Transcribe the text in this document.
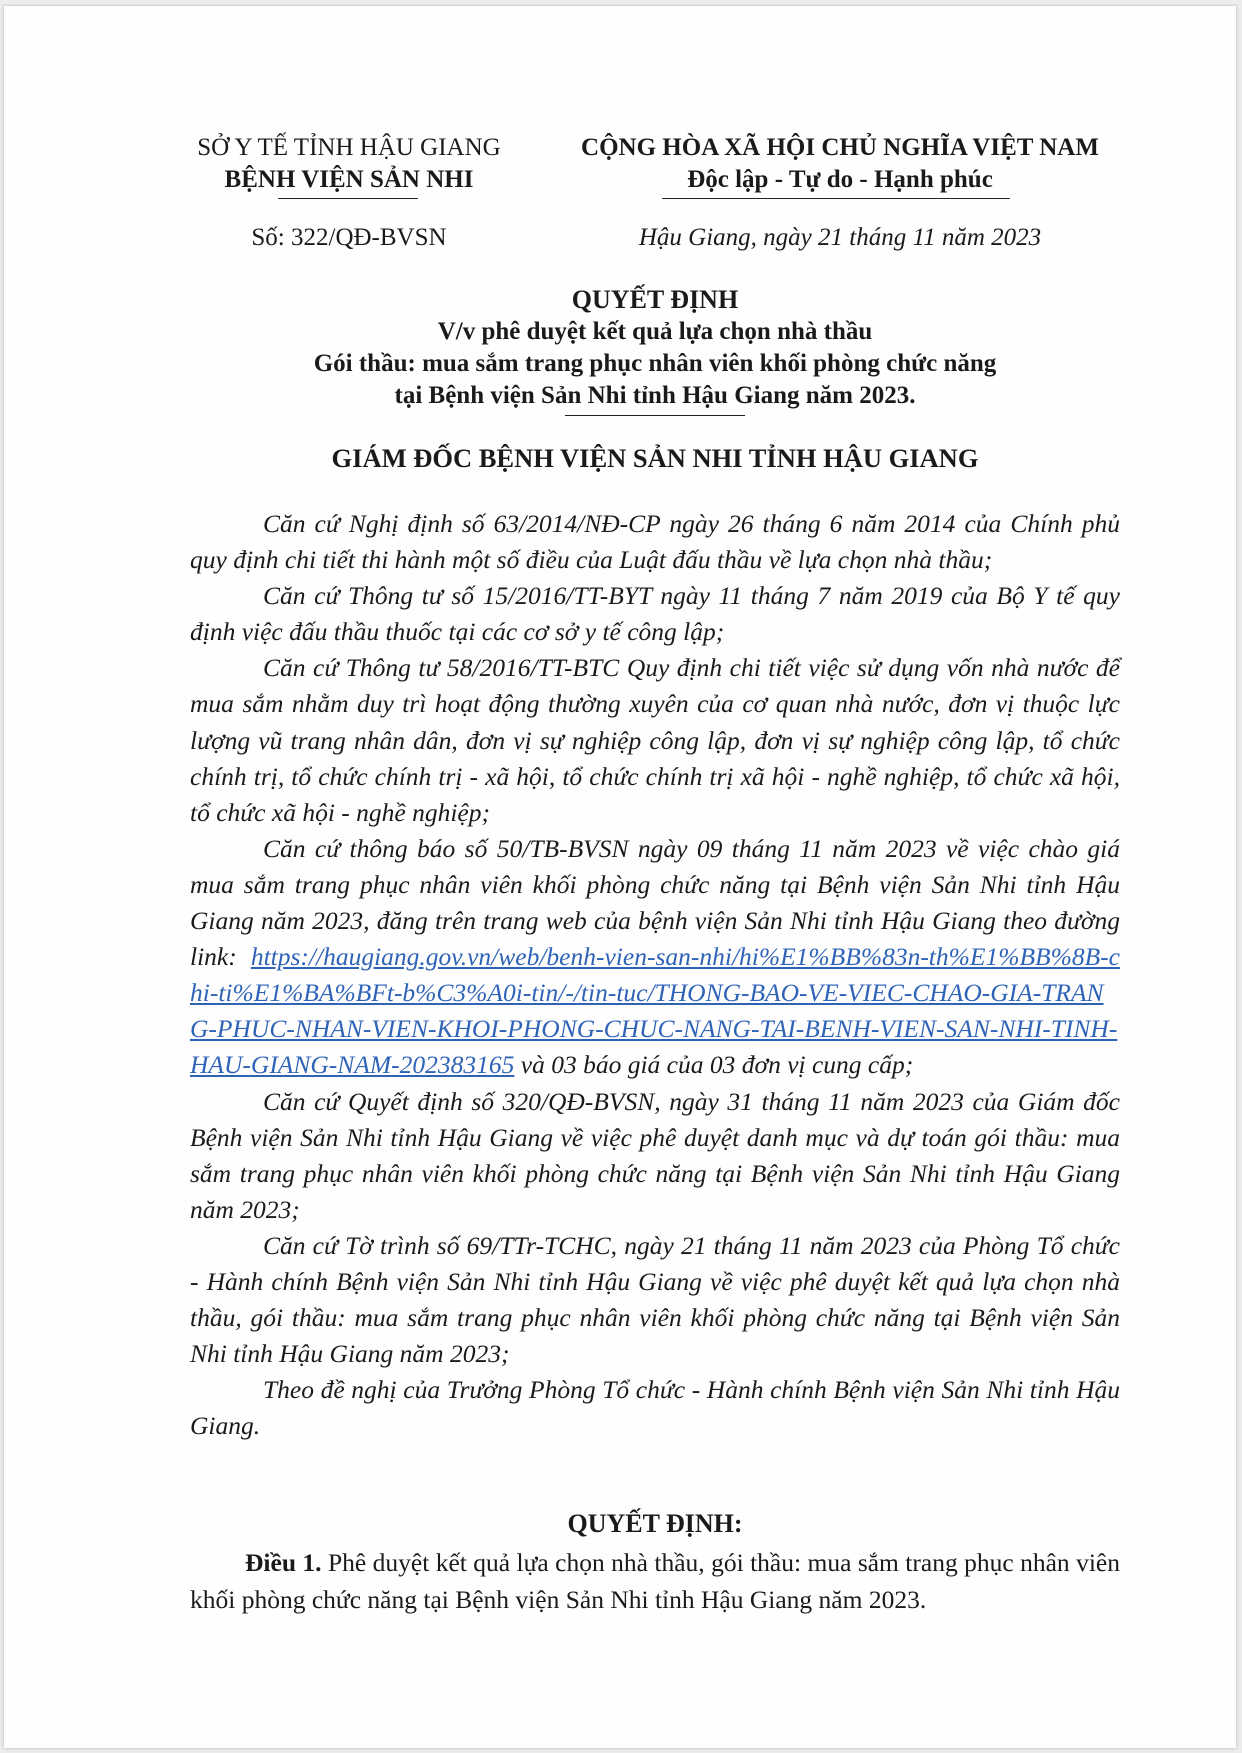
SỞ Y TẾ TỈNH HẬU GIANG
BỆNH VIỆN SẢN NHI
CỘNG HÒA XÃ HỘI CHỦ NGHĨA VIỆT NAM
Độc lập - Tự do - Hạnh phúc
Số: 322/QĐ-BVSN	Hậu Giang, ngày 21 tháng 11 năm 2023
QUYẾT ĐỊNH
V/v phê duyệt kết quả lựa chọn nhà thầu
Gói thầu: mua sắm trang phục nhân viên khối phòng chức năng
tại Bệnh viện Sản Nhi tỉnh Hậu Giang năm 2023.
GIÁM ĐỐC BỆNH VIỆN SẢN NHI TỈNH HẬU GIANG

Căn cứ Nghị định số 63/2014/NĐ-CP ngày 26 tháng 6 năm 2014 của Chính phủ quy định chi tiết thi hành một số điều của Luật đấu thầu về lựa chọn nhà thầu;

Căn cứ Thông tư số 15/2016/TT-BYT ngày 11 tháng 7 năm 2019 của Bộ Y tế quy định việc đấu thầu thuốc tại các cơ sở y tế công lập;

Căn cứ Thông tư 58/2016/TT-BTC Quy định chi tiết việc sử dụng vốn nhà nước để mua sắm nhằm duy trì hoạt động thường xuyên của cơ quan nhà nước, đơn vị thuộc lực lượng vũ trang nhân dân, đơn vị sự nghiệp công lập, đơn vị sự nghiệp công lập, tổ chức chính trị, tổ chức chính trị - xã hội, tổ chức chính trị xã hội - nghề nghiệp, tổ chức xã hội, tổ chức xã hội - nghề nghiệp;

Căn cứ thông báo số 50/TB-BVSN ngày 09 tháng 11 năm 2023 về việc chào giá mua sắm trang phục nhân viên khối phòng chức năng tại Bệnh viện Sản Nhi tỉnh Hậu Giang năm 2023, đăng trên trang web của bệnh viện Sản Nhi tỉnh Hậu Giang theo đường link: https://haugiang.gov.vn/web/benh-vien-san-nhi/hi%E1%BB%83n-th%E1%BB%8B-chi-ti%E1%BA%BFt-b%C3%A0i-tin/-/tin-tuc/THONG-BAO-VE-VIEC-CHAO-GIA-TRANG-PHUC-NHAN-VIEN-KHOI-PHONG-CHUC-NANG-TAI-BENH-VIEN-SAN-NHI-TINH-HAU-GIANG-NAM-202383165 và 03 báo giá của 03 đơn vị cung cấp;

Căn cứ Quyết định số 320/QĐ-BVSN, ngày 31 tháng 11 năm 2023 của Giám đốc Bệnh viện Sản Nhi tỉnh Hậu Giang về việc phê duyệt danh mục và dự toán gói thầu: mua sắm trang phục nhân viên khối phòng chức năng tại Bệnh viện Sản Nhi tỉnh Hậu Giang năm 2023;

Căn cứ Tờ trình số 69/TTr-TCHC, ngày 21 tháng 11 năm 2023 của Phòng Tổ chức - Hành chính Bệnh viện Sản Nhi tỉnh Hậu Giang về việc phê duyệt kết quả lựa chọn nhà thầu, gói thầu: mua sắm trang phục nhân viên khối phòng chức năng tại Bệnh viện Sản Nhi tỉnh Hậu Giang năm 2023;

Theo đề nghị của Trưởng Phòng Tổ chức - Hành chính Bệnh viện Sản Nhi tỉnh Hậu Giang.

QUYẾT ĐỊNH:
Điều 1. Phê duyệt kết quả lựa chọn nhà thầu, gói thầu: mua sắm trang phục nhân viên khối phòng chức năng tại Bệnh viện Sản Nhi tỉnh Hậu Giang năm 2023.
